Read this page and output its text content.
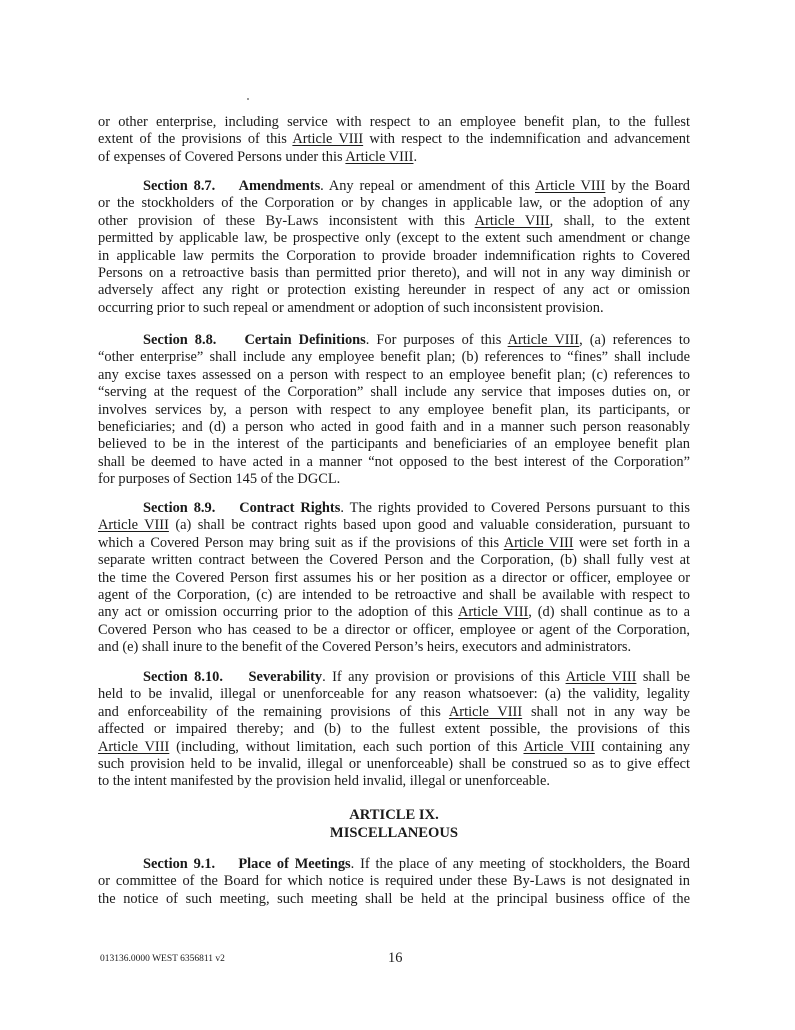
or other enterprise, including service with respect to an employee benefit plan, to the fullest
extent of the provisions of this Article VIII with respect to the indemnification and advancement
of expenses of Covered Persons under this Article VIII.
Section 8.7.    Amendments. Any repeal or amendment of this Article VIII by the Board
or the stockholders of the Corporation or by changes in applicable law, or the adoption of any
other provision of these By-Laws inconsistent with this Article VIII, shall, to the extent
permitted by applicable law, be prospective only (except to the extent such amendment or change
in applicable law permits the Corporation to provide broader indemnification rights to Covered
Persons on a retroactive basis than permitted prior thereto), and will not in any way diminish or
adversely affect any right or protection existing hereunder in respect of any act or omission
occurring prior to such repeal or amendment or adoption of such inconsistent provision.
Section 8.8.    Certain Definitions. For purposes of this Article VIII, (a) references to
“other enterprise” shall include any employee benefit plan; (b) references to “fines” shall include
any excise taxes assessed on a person with respect to an employee benefit plan; (c) references to
“serving at the request of the Corporation” shall include any service that imposes duties on, or
involves services by, a person with respect to any employee benefit plan, its participants, or
beneficiaries; and (d) a person who acted in good faith and in a manner such person reasonably
believed to be in the interest of the participants and beneficiaries of an employee benefit plan
shall be deemed to have acted in a manner “not opposed to the best interest of the Corporation”
for purposes of Section 145 of the DGCL.
Section 8.9.    Contract Rights. The rights provided to Covered Persons pursuant to this
Article VIII (a) shall be contract rights based upon good and valuable consideration, pursuant to
which a Covered Person may bring suit as if the provisions of this Article VIII were set forth in a
separate written contract between the Covered Person and the Corporation, (b) shall fully vest at
the time the Covered Person first assumes his or her position as a director or officer, employee or
agent of the Corporation, (c) are intended to be retroactive and shall be available with respect to
any act or omission occurring prior to the adoption of this Article VIII, (d) shall continue as to a
Covered Person who has ceased to be a director or officer, employee or agent of the Corporation,
and (e) shall inure to the benefit of the Covered Person’s heirs, executors and administrators.
Section 8.10.    Severability. If any provision or provisions of this Article VIII shall be
held to be invalid, illegal or unenforceable for any reason whatsoever: (a) the validity, legality
and enforceability of the remaining provisions of this Article VIII shall not in any way be
affected or impaired thereby; and (b) to the fullest extent possible, the provisions of this
Article VIII (including, without limitation, each such portion of this Article VIII containing any
such provision held to be invalid, illegal or unenforceable) shall be construed so as to give effect
to the intent manifested by the provision held invalid, illegal or unenforceable.
ARTICLE IX.
MISCELLANEOUS
Section 9.1.    Place of Meetings. If the place of any meeting of stockholders, the Board
or committee of the Board for which notice is required under these By-Laws is not designated in
the notice of such meeting, such meeting shall be held at the principal business office of the
013136.0000 WEST 6356811 v2	16
